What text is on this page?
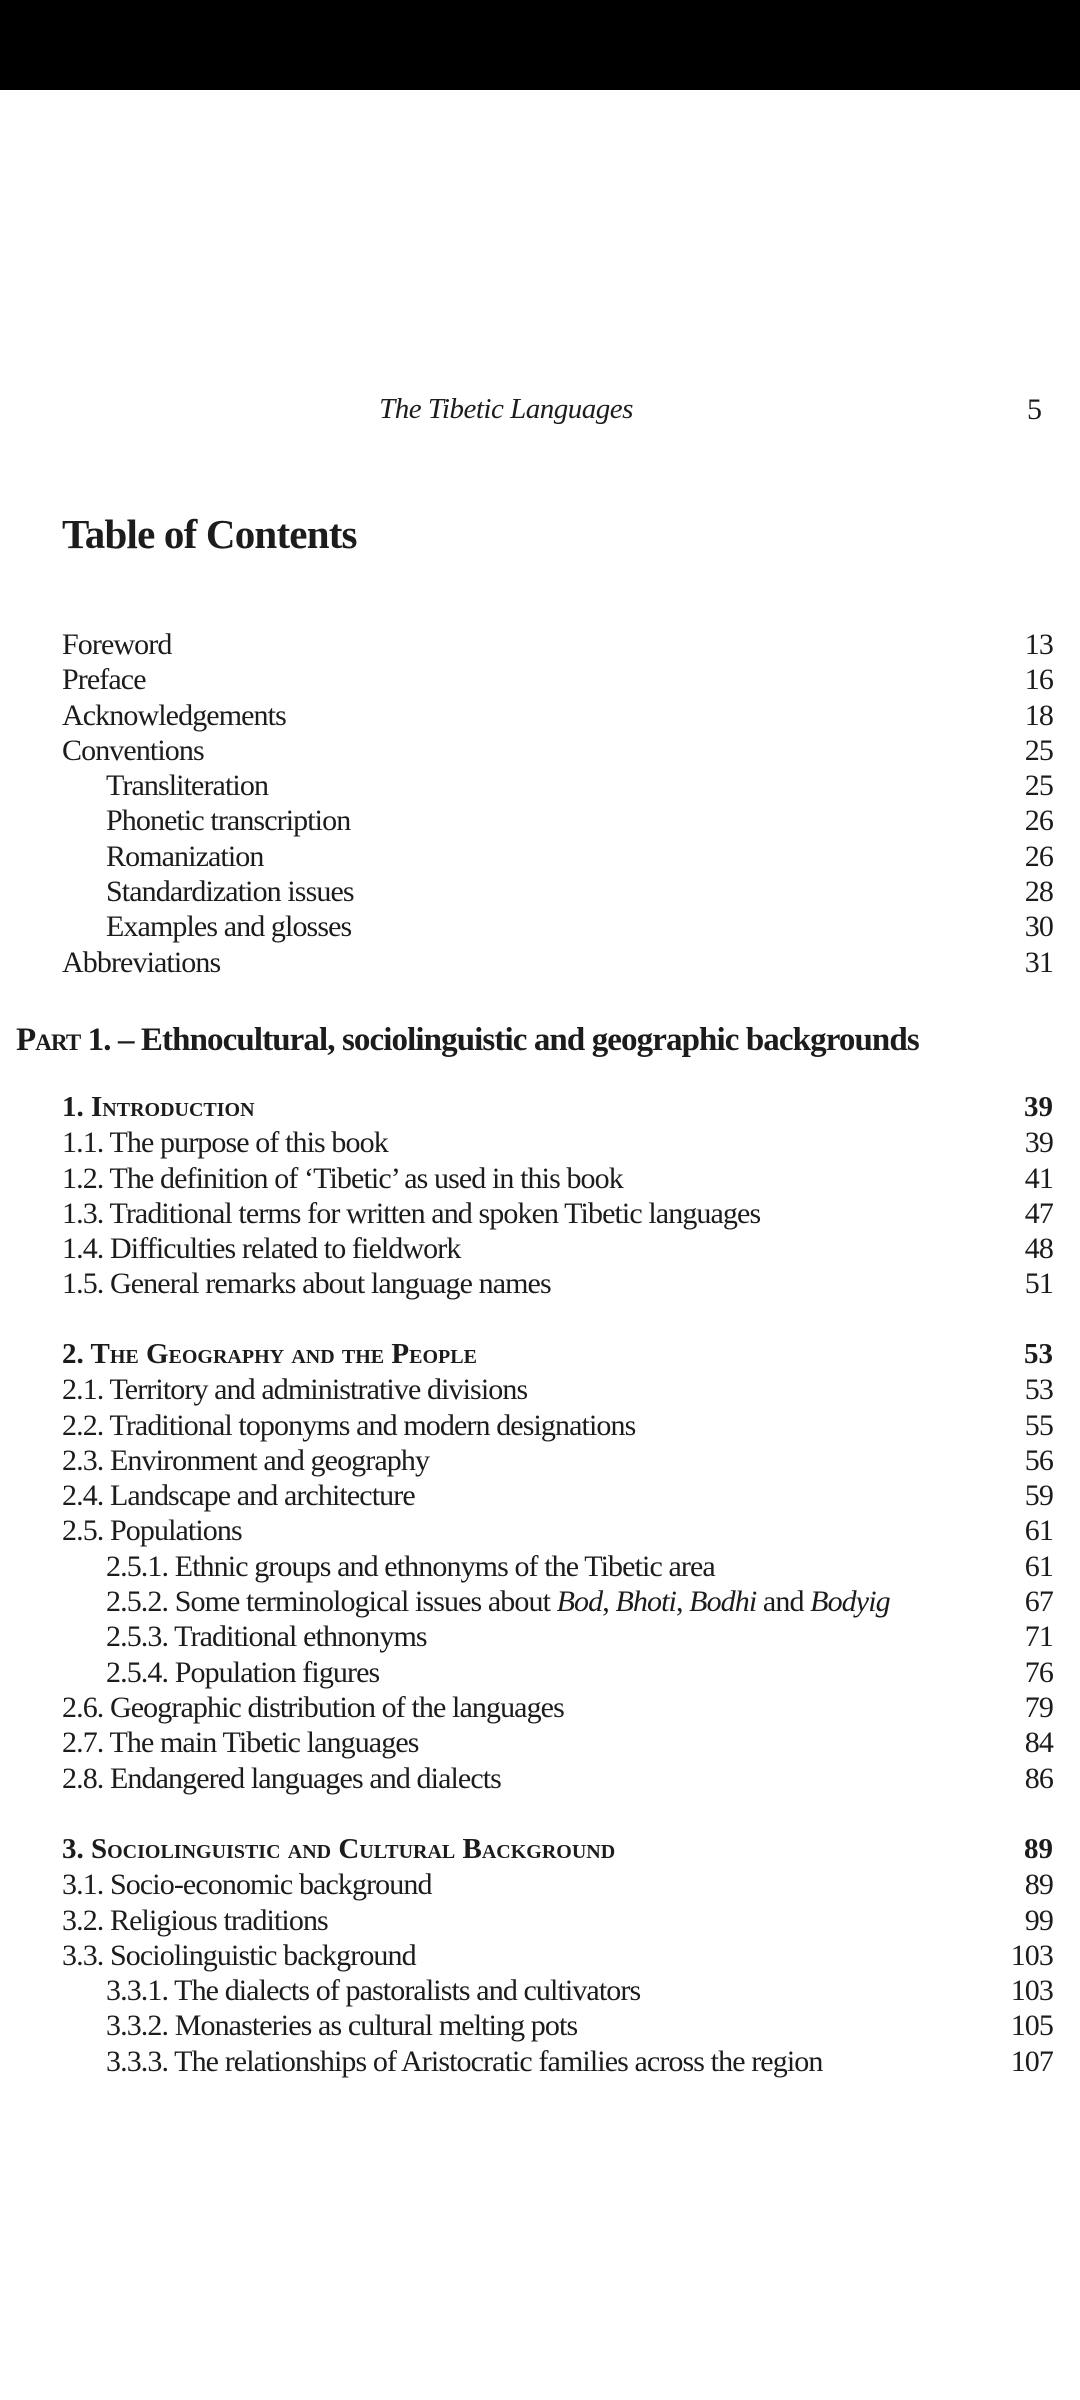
The Tibetic Languages	5
Table of Contents
Foreword	13
Preface	16
Acknowledgements	18
Conventions	25
Transliteration	25
Phonetic transcription	26
Romanization	26
Standardization issues	28
Examples and glosses	30
Abbreviations	31
Part 1. – Ethnocultural, sociolinguistic and geographic backgrounds
1. Introduction	39
1.1. The purpose of this book	39
1.2. The definition of ‘Tibetic’ as used in this book	41
1.3. Traditional terms for written and spoken Tibetic languages	47
1.4. Difficulties related to fieldwork	48
1.5. General remarks about language names	51
2. The Geography and the People	53
2.1. Territory and administrative divisions	53
2.2. Traditional toponyms and modern designations	55
2.3. Environment and geography	56
2.4. Landscape and architecture	59
2.5. Populations	61
2.5.1. Ethnic groups and ethnonyms of the Tibetic area	61
2.5.2. Some terminological issues about Bod, Bhoti, Bodhi and Bodyig	67
2.5.3. Traditional ethnonyms	71
2.5.4. Population figures	76
2.6. Geographic distribution of the languages	79
2.7. The main Tibetic languages	84
2.8. Endangered languages and dialects	86
3. Sociolinguistic and Cultural Background	89
3.1. Socio-economic background	89
3.2. Religious traditions	99
3.3. Sociolinguistic background	103
3.3.1. The dialects of pastoralists and cultivators	103
3.3.2. Monasteries as cultural melting pots	105
3.3.3. The relationships of Aristocratic families across the region	107
